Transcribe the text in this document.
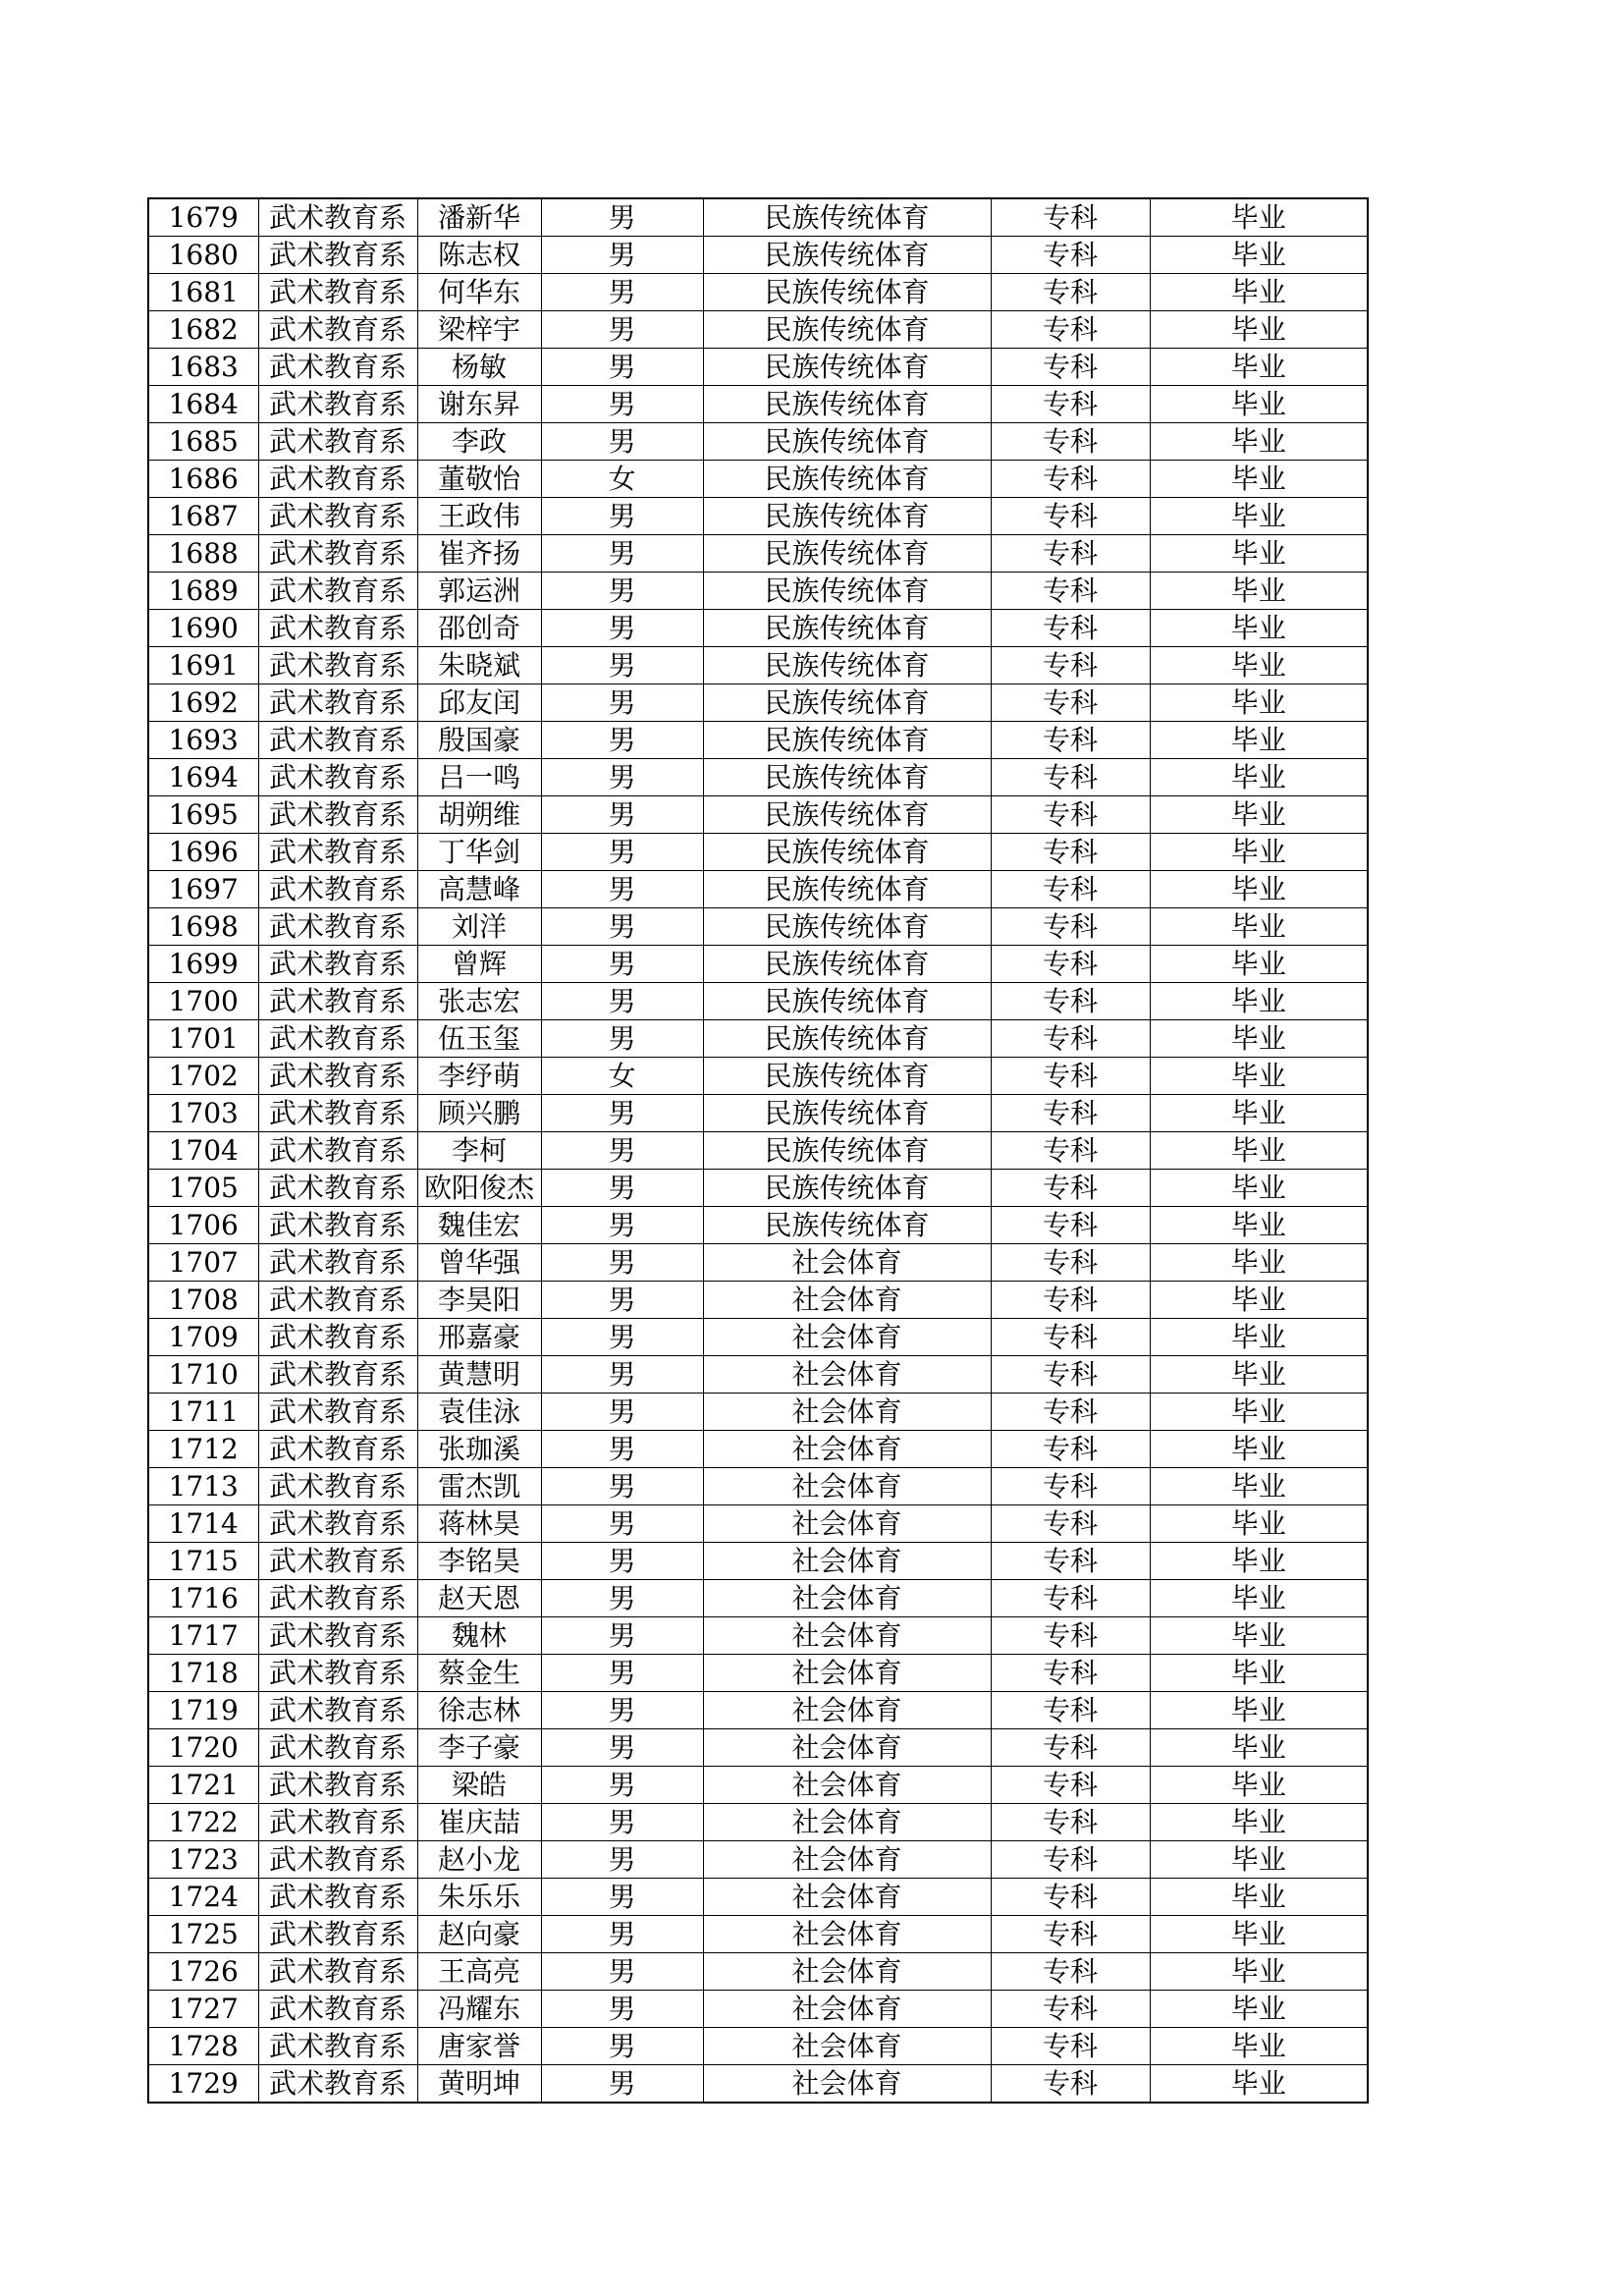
1679	武术教育系	潘新华	男	民族传统体育	专科	毕业
1680	武术教育系	陈志权	男	民族传统体育	专科	毕业
1681	武术教育系	何华东	男	民族传统体育	专科	毕业
1682	武术教育系	梁梓宇	男	民族传统体育	专科	毕业
1683	武术教育系	杨敏	男	民族传统体育	专科	毕业
1684	武术教育系	谢东昇	男	民族传统体育	专科	毕业
1685	武术教育系	李政	男	民族传统体育	专科	毕业
1686	武术教育系	董敬怡	女	民族传统体育	专科	毕业
1687	武术教育系	王政伟	男	民族传统体育	专科	毕业
1688	武术教育系	崔齐扬	男	民族传统体育	专科	毕业
1689	武术教育系	郭运洲	男	民族传统体育	专科	毕业
1690	武术教育系	邵创奇	男	民族传统体育	专科	毕业
1691	武术教育系	朱晓斌	男	民族传统体育	专科	毕业
1692	武术教育系	邱友闰	男	民族传统体育	专科	毕业
1693	武术教育系	殷国豪	男	民族传统体育	专科	毕业
1694	武术教育系	吕一鸣	男	民族传统体育	专科	毕业
1695	武术教育系	胡朔维	男	民族传统体育	专科	毕业
1696	武术教育系	丁华剑	男	民族传统体育	专科	毕业
1697	武术教育系	高慧峰	男	民族传统体育	专科	毕业
1698	武术教育系	刘洋	男	民族传统体育	专科	毕业
1699	武术教育系	曾辉	男	民族传统体育	专科	毕业
1700	武术教育系	张志宏	男	民族传统体育	专科	毕业
1701	武术教育系	伍玉玺	男	民族传统体育	专科	毕业
1702	武术教育系	李纾萌	女	民族传统体育	专科	毕业
1703	武术教育系	顾兴鹏	男	民族传统体育	专科	毕业
1704	武术教育系	李柯	男	民族传统体育	专科	毕业
1705	武术教育系	欧阳俊杰	男	民族传统体育	专科	毕业
1706	武术教育系	魏佳宏	男	民族传统体育	专科	毕业
1707	武术教育系	曾华强	男	社会体育	专科	毕业
1708	武术教育系	李昊阳	男	社会体育	专科	毕业
1709	武术教育系	邢嘉豪	男	社会体育	专科	毕业
1710	武术教育系	黄慧明	男	社会体育	专科	毕业
1711	武术教育系	袁佳泳	男	社会体育	专科	毕业
1712	武术教育系	张珈溪	男	社会体育	专科	毕业
1713	武术教育系	雷杰凯	男	社会体育	专科	毕业
1714	武术教育系	蒋林昊	男	社会体育	专科	毕业
1715	武术教育系	李铭昊	男	社会体育	专科	毕业
1716	武术教育系	赵天恩	男	社会体育	专科	毕业
1717	武术教育系	魏林	男	社会体育	专科	毕业
1718	武术教育系	蔡金生	男	社会体育	专科	毕业
1719	武术教育系	徐志林	男	社会体育	专科	毕业
1720	武术教育系	李子豪	男	社会体育	专科	毕业
1721	武术教育系	梁皓	男	社会体育	专科	毕业
1722	武术教育系	崔庆喆	男	社会体育	专科	毕业
1723	武术教育系	赵小龙	男	社会体育	专科	毕业
1724	武术教育系	朱乐乐	男	社会体育	专科	毕业
1725	武术教育系	赵向豪	男	社会体育	专科	毕业
1726	武术教育系	王高亮	男	社会体育	专科	毕业
1727	武术教育系	冯耀东	男	社会体育	专科	毕业
1728	武术教育系	唐家誉	男	社会体育	专科	毕业
1729	武术教育系	黄明坤	男	社会体育	专科	毕业
